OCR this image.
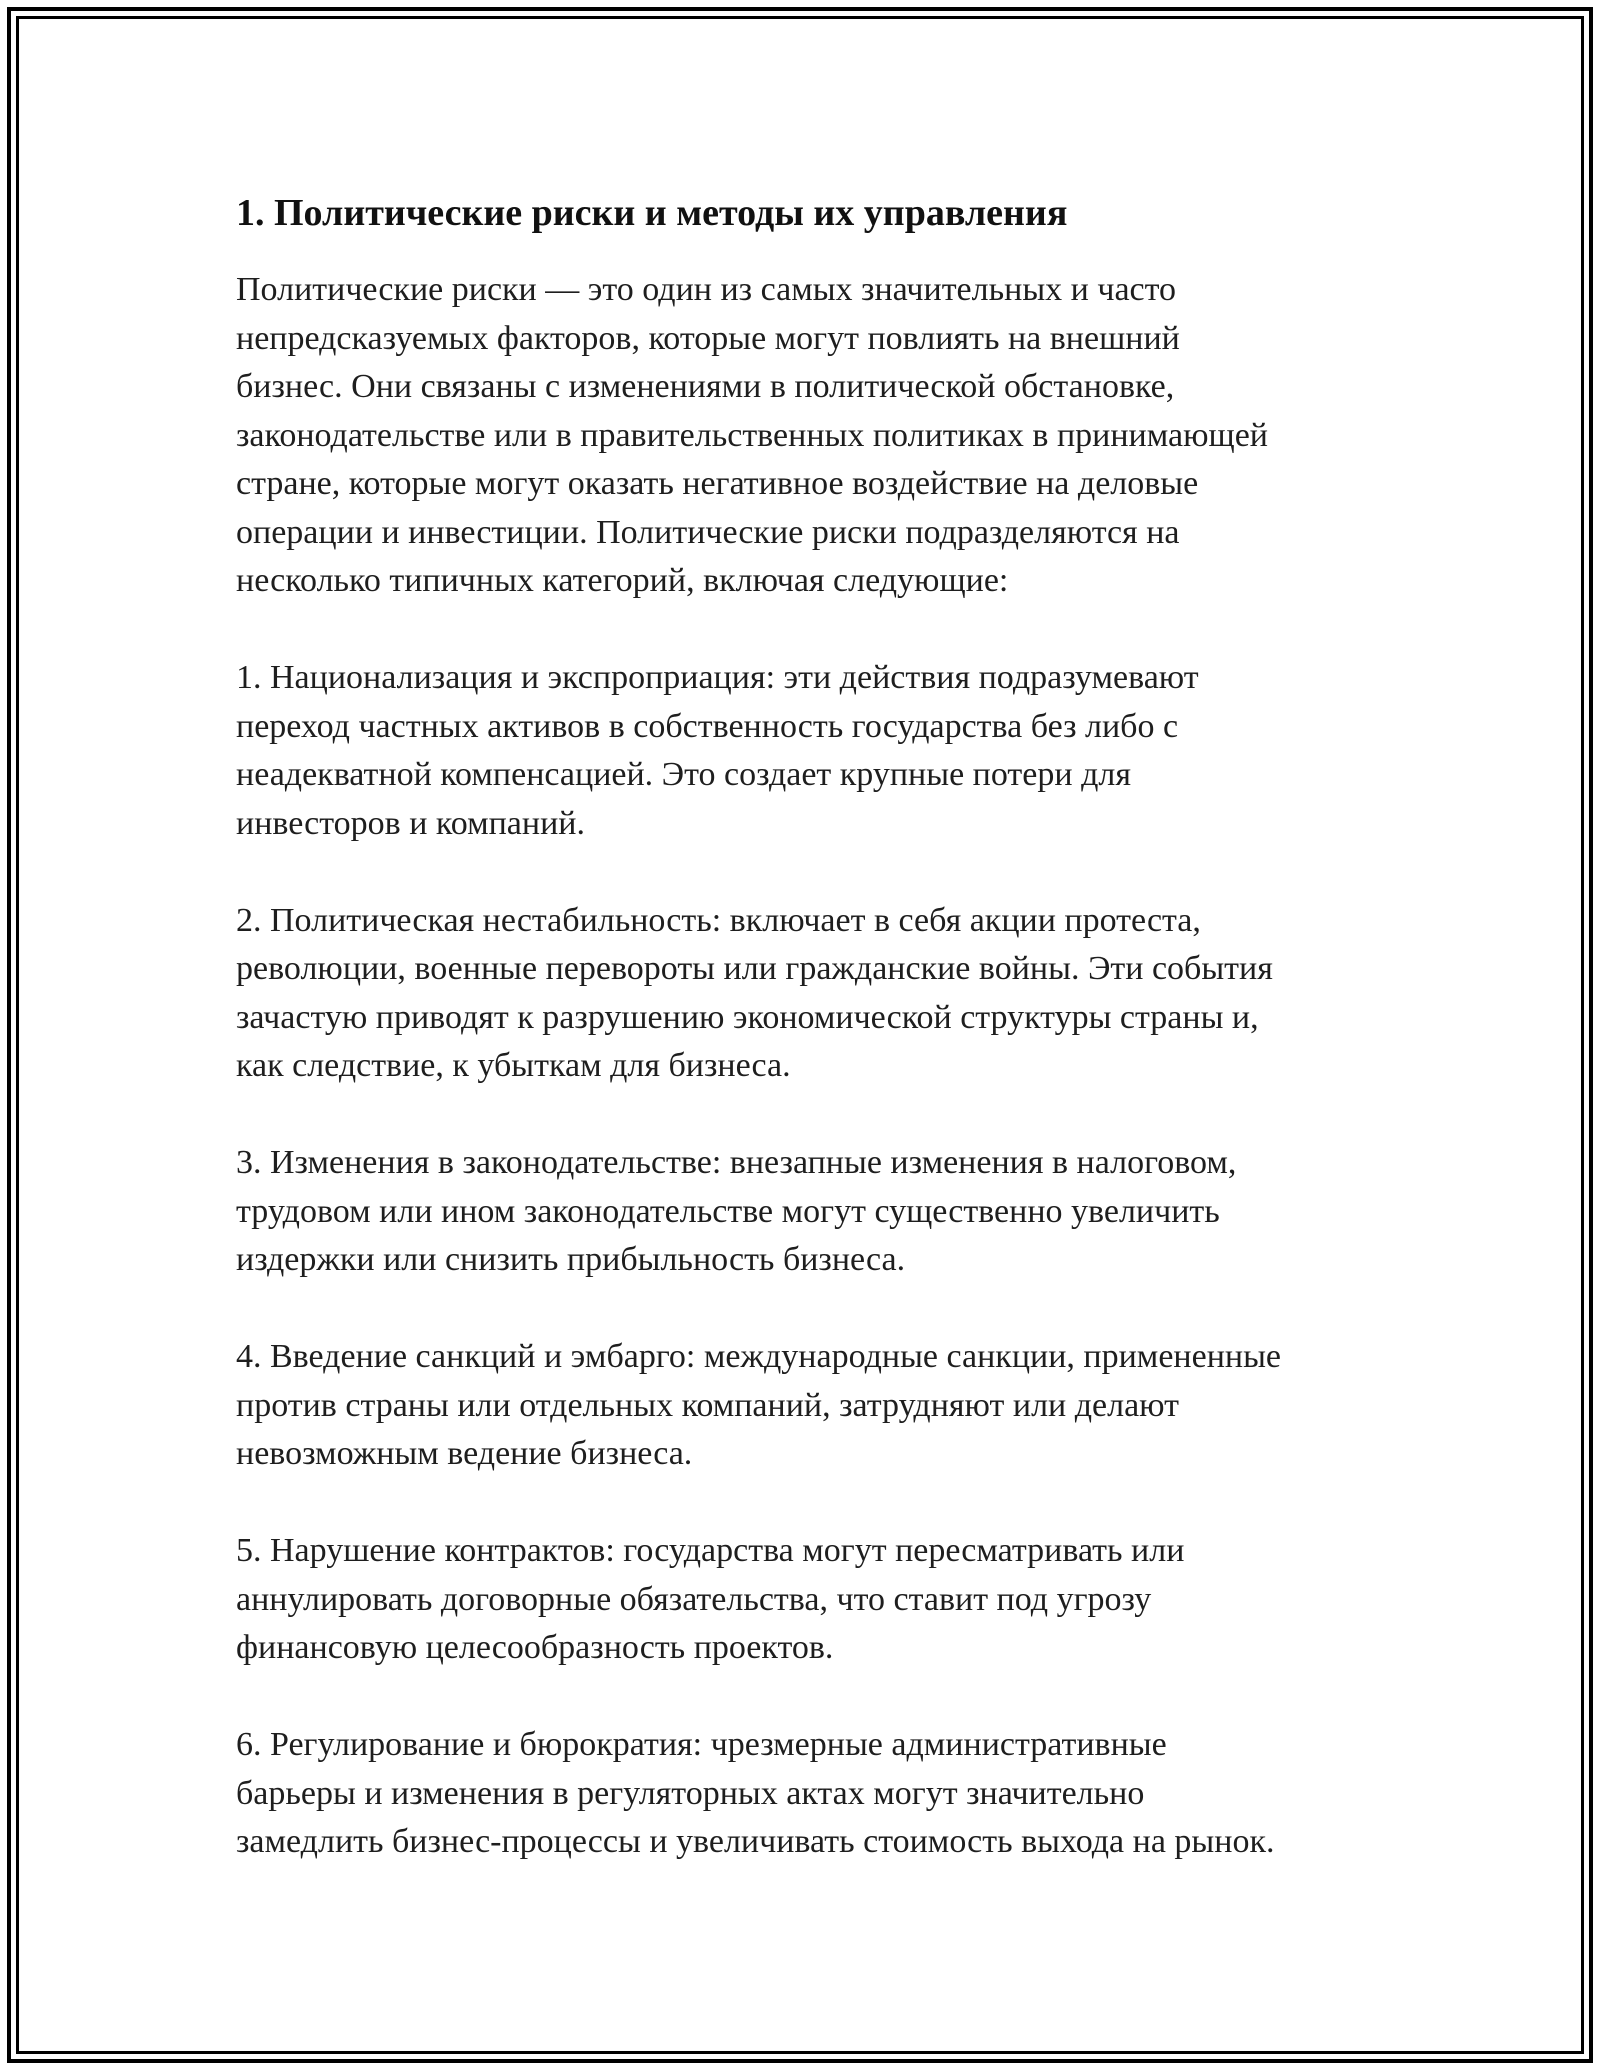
1. Политические риски и методы их управления

Политические риски — это один из самых значительных и часто
непредсказуемых факторов, которые могут повлиять на внешний
бизнес. Они связаны с изменениями в политической обстановке,
законодательстве или в правительственных политиках в принимающей
стране, которые могут оказать негативное воздействие на деловые
операции и инвестиции. Политические риски подразделяются на
несколько типичных категорий, включая следующие:

1. Национализация и экспроприация: эти действия подразумевают
переход частных активов в собственность государства без либо с
неадекватной компенсацией. Это создает крупные потери для
инвесторов и компаний.

2. Политическая нестабильность: включает в себя акции протеста,
революции, военные перевороты или гражданские войны. Эти события
зачастую приводят к разрушению экономической структуры страны и,
как следствие, к убыткам для бизнеса.

3. Изменения в законодательстве: внезапные изменения в налоговом,
трудовом или ином законодательстве могут существенно увеличить
издержки или снизить прибыльность бизнеса.

4. Введение санкций и эмбарго: международные санкции, примененные
против страны или отдельных компаний, затрудняют или делают
невозможным ведение бизнеса.

5. Нарушение контрактов: государства могут пересматривать или
аннулировать договорные обязательства, что ставит под угрозу
финансовую целесообразность проектов.

6. Регулирование и бюрократия: чрезмерные административные
барьеры и изменения в регуляторных актах могут значительно
замедлить бизнес-процессы и увеличивать стоимость выхода на рынок.
